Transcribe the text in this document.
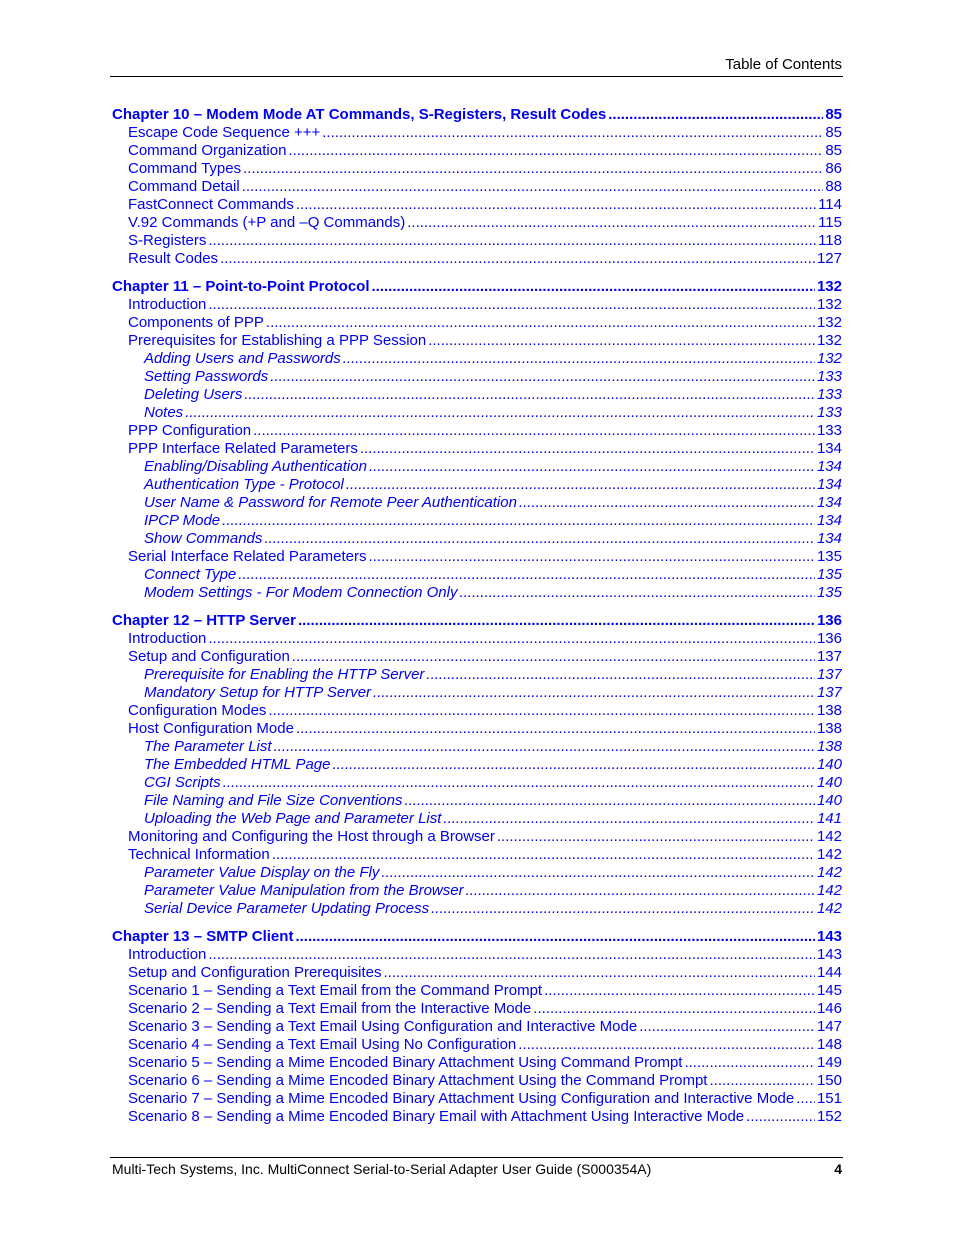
Table of Contents
Chapter 10 – Modem Mode AT Commands, S-Registers, Result Codes .....	85
Escape Code Sequence +++ .....	85
Command Organization .....	85
Command Types .....	86
Command Detail .....	88
FastConnect Commands .....	114
V.92 Commands (+P and –Q Commands) .....	115
S-Registers .....	118
Result Codes .....	127
Chapter 11 – Point-to-Point Protocol .....	132
Introduction .....	132
Components of PPP .....	132
Prerequisites for Establishing a PPP Session .....	132
Adding Users and Passwords .....	132
Setting Passwords .....	133
Deleting Users .....	133
Notes .....	133
PPP Configuration .....	133
PPP Interface Related Parameters .....	134
Enabling/Disabling Authentication .....	134
Authentication Type - Protocol .....	134
User Name & Password for Remote Peer Authentication .....	134
IPCP Mode .....	134
Show Commands .....	134
Serial Interface Related Parameters .....	135
Connect Type .....	135
Modem Settings - For Modem Connection Only .....	135
Chapter 12 – HTTP Server .....	136
Introduction .....	136
Setup and Configuration .....	137
Prerequisite for Enabling the HTTP Server .....	137
Mandatory Setup for HTTP Server .....	137
Configuration Modes .....	138
Host Configuration Mode .....	138
The Parameter List .....	138
The Embedded HTML Page .....	140
CGI Scripts .....	140
File Naming and File Size Conventions .....	140
Uploading the Web Page and Parameter List .....	141
Monitoring and Configuring the Host through a Browser .....	142
Technical Information .....	142
Parameter Value Display on the Fly .....	142
Parameter Value Manipulation from the Browser .....	142
Serial Device Parameter Updating Process .....	142
Chapter 13 – SMTP Client .....	143
Introduction .....	143
Setup and Configuration Prerequisites .....	144
Scenario 1 – Sending a Text Email from the Command Prompt .....	145
Scenario 2 – Sending a Text Email from the Interactive Mode .....	146
Scenario 3 – Sending a Text Email Using Configuration and Interactive Mode .....	147
Scenario 4 – Sending a Text Email Using No Configuration .....	148
Scenario 5 – Sending a Mime Encoded Binary Attachment Using Command Prompt .....	149
Scenario 6 – Sending a Mime Encoded Binary Attachment Using the Command Prompt .....	150
Scenario 7 – Sending a Mime Encoded Binary Attachment Using Configuration and Interactive Mode ..... 151
Scenario 8 – Sending a Mime Encoded Binary Email with Attachment Using Interactive Mode .....	152
Multi-Tech Systems, Inc. MultiConnect Serial-to-Serial Adapter User Guide (S000354A)	4
